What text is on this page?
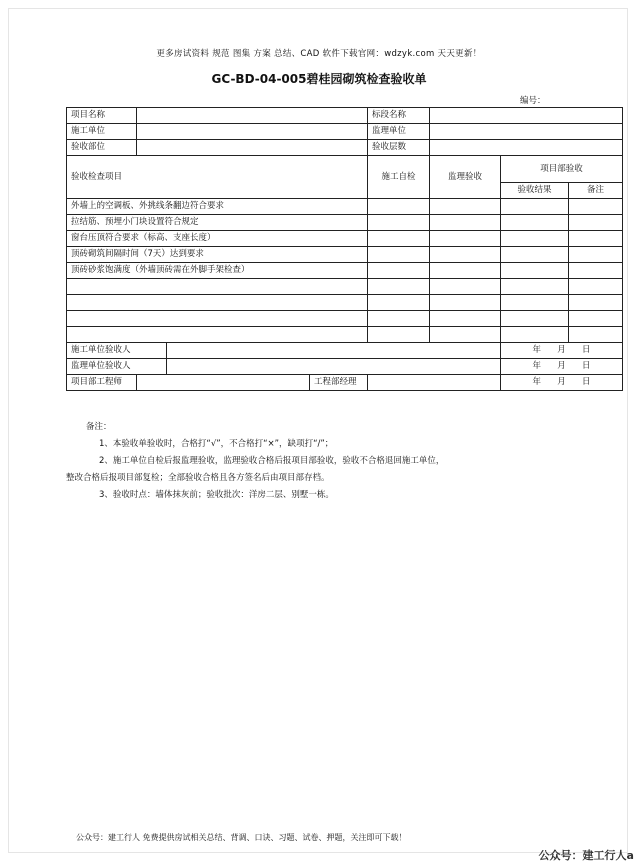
更多房试资料 规范 图集 方案 总结、CAD 软件下载官网：wdzyk.com 天天更新！
GC-BD-04-005碧桂园砌筑检查验收单
编号：
项目名称				标段名称			
施工单位				监理单位			
验收部位				验收层数			
验收检查项目				施工自检	监理验收	项目部验收	
						验收结果	备注
外墙上的空调板、外挑线条翻边符合要求							
拉结筋、预埋小门块设置符合规定							
窗台压顶符合要求（标高、支座长度）							
顶砖砌筑间隔时间（7天）达到要求							
顶砖砂浆饱满度（外墙顶砖需在外脚手架检查）							

施工单位验收人						年 月 日	
监理单位验收人						年 月 日	
项目部工程师			工程部经理			年 月 日	
备注：
1、本验收单验收时，合格打“√”，不合格打“×”，缺项打“/”；
2、施工单位自检后报监理验收，监理验收合格后报项目部验收，验收不合格退回施工单位，
整改合格后报项目部复检；全部验收合格且各方签名后由项目部存档。
3、验收时点：墙体抹灰前；验收批次：洋房二层、别墅一栋。
公众号：建工行人 免费提供房试相关总结、背调、口诀、习题、试卷、押题，关注即可下载！
公众号：建工行人a
